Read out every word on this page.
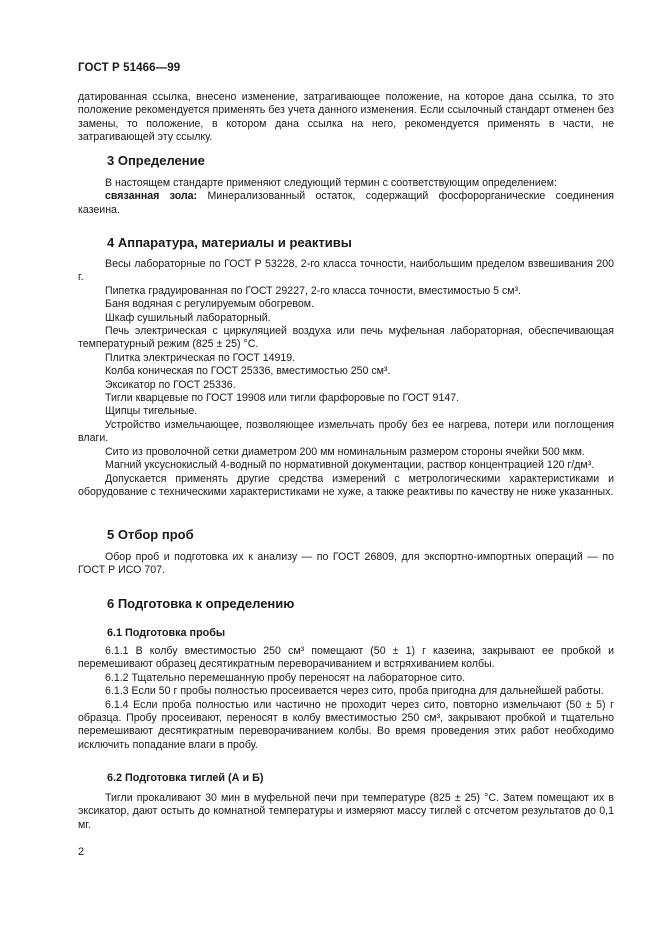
ГОСТ Р 51466—99

датированная ссылка, внесено изменение, затрагивающее положение, на которое дана ссылка, то это положение рекомендуется применять без учета данного изменения. Если ссылочный стандарт отменен без замены, то положение, в котором дана ссылка на него, рекомендуется применять в части, не затрагивающей эту ссылку.

3 Определение

В настоящем стандарте применяют следующий термин с соответствующим определением:

связанная зола: Минерализованный остаток, содержащий фосфорорганические соединения казеина.

4 Аппаратура, материалы и реактивы

Весы лабораторные по ГОСТ Р 53228, 2-го класса точности, наибольшим пределом взвешивания 200 г.

Пипетка градуированная по ГОСТ 29227, 2-го класса точности, вместимостью 5 см³.

Баня водяная с регулируемым обогревом.

Шкаф сушильный лабораторный.

Печь электрическая с циркуляцией воздуха или печь муфельная лабораторная, обеспечивающая температурный режим (825 ± 25) °С.

Плитка электрическая по ГОСТ 14919.

Колба коническая по ГОСТ 25336, вместимостью 250 см³.

Эксикатор по ГОСТ 25336.

Тигли кварцевые по ГОСТ 19908 или тигли фарфоровые по ГОСТ 9147.

Щипцы тигельные.

Устройство измельчающее, позволяющее измельчать пробу без ее нагрева, потери или поглощения влаги.

Сито из проволочной сетки диаметром 200 мм номинальным размером стороны ячейки 500 мкм.

Магний уксуснокислый 4-водный по нормативной документации, раствор концентрацией 120 г/дм³.

Допускается применять другие средства измерений с метрологическими характеристиками и оборудование с техническими характеристиками не хуже, а также реактивы по качеству не ниже указанных.

5 Отбор проб

Обор проб и подготовка их к анализу — по ГОСТ 26809, для экспортно-импортных операций — по ГОСТ Р ИСО 707.

6 Подготовка к определению
6.1 Подготовка пробы

6.1.1 В колбу вместимостью 250 см³ помещают (50 ± 1) г казеина, закрывают ее пробкой и перемешивают образец десятикратным переворачиванием и встряхиванием колбы.

6.1.2 Тщательно перемешанную пробу переносят на лабораторное сито.

6.1.3 Если 50 г пробы полностью просеивается через сито, проба пригодна для дальнейшей работы.

6.1.4 Если проба полностью или частично не проходит через сито, повторно измельчают (50 ± 5) г образца. Пробу просеивают, переносят в колбу вместимостью 250 см³, закрывают пробкой и тщательно перемешивают десятикратным переворачиванием колбы. Во время проведения этих работ необходимо исключить попадание влаги в пробу.

6.2 Подготовка тиглей (А и Б)

Тигли прокаливают 30 мин в муфельной печи при температуре (825 ± 25) °С. Затем помещают их в эксикатор, дают остыть до комнатной температуры и измеряют массу тиглей с отсчетом результатов до 0,1 мг.

2
